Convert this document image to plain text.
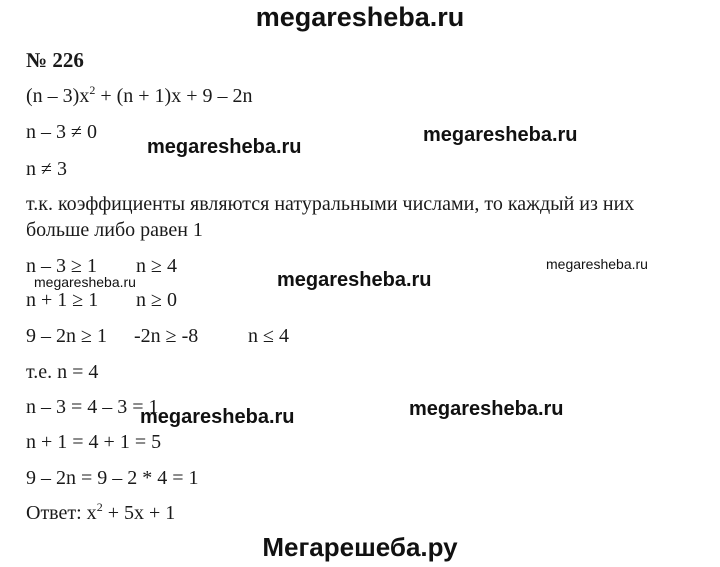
megaresheba.ru
№ 226
$(n - 3)x^2 + (n + 1)x + 9 - 2n$
n – 3 ≠ 0
n ≠ 3
т.к. коэффициенты являются натуральными числами, то каждый из них
больше либо равен 1
n – 3 ≥ 1 n ≥ 4
n + 1 ≥ 1 n ≥ 0
9 – 2n ≥ 1 -2n ≥ -8 n ≤ 4
т.е. n = 4
n – 3 = 4 – 3 = 1
n + 1 = 4 + 1 = 5
9 – 2n = 9 – 2 * 4 = 1
Ответ: $x^2 + 5x + 1$
megaresheba.ru
megaresheba.ru
megaresheba.ru
megaresheba.ru
megaresheba.ru
megaresheba.ru	megaresheba.ru
Мегарешеба.ру
